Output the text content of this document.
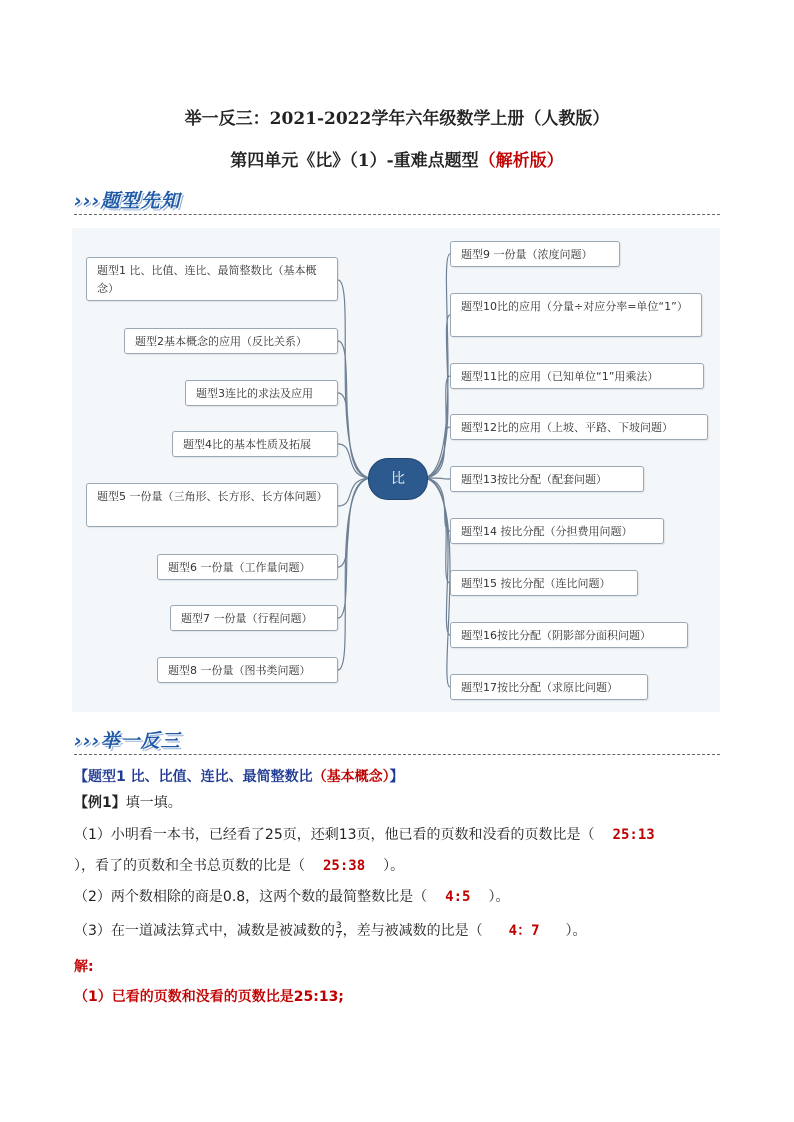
举一反三：2021-2022学年六年级数学上册（人教版）
第四单元《比》（1）-重难点题型（解析版）
›››题型先知
比
题型1 比、比值、连比、最简整数比（基本概念）
题型2基本概念的应用（反比关系）
题型3连比的求法及应用
题型4比的基本性质及拓展
题型5 一份量（三角形、长方形、长方体问题）
题型6 一份量（工作量问题）
题型7 一份量（行程问题）
题型8 一份量（图书类问题）
题型9 一份量（浓度问题）
题型10比的应用（分量÷对应分率=单位“1”）
题型11比的应用（已知单位“1”用乘法）
题型12比的应用（上坡、平路、下坡问题）
题型13按比分配（配套问题）
题型14 按比分配（分担费用问题）
题型15 按比分配（连比问题）
题型16按比分配（阴影部分面积问题）
题型17按比分配（求原比问题）
›››举一反三
【题型1 比、比值、连比、最简整数比（基本概念）】
【例1】填一填。
（1）小明看一本书，已经看了25页，还剩13页，他已看的页数和没看的页数比是（ 25:13
），看了的页数和全书总页数的比是（ 25:38 ）。
（2）两个数相除的商是0.8，这两个数的最简整数比是（ 4:5 ）。
（3）在一道减法算式中，减数是被减数的 $\frac{3}{7}$ ，差与被减数的比是（ 4：7 ）。
解:
（1）已看的页数和没看的页数比是25:13;
